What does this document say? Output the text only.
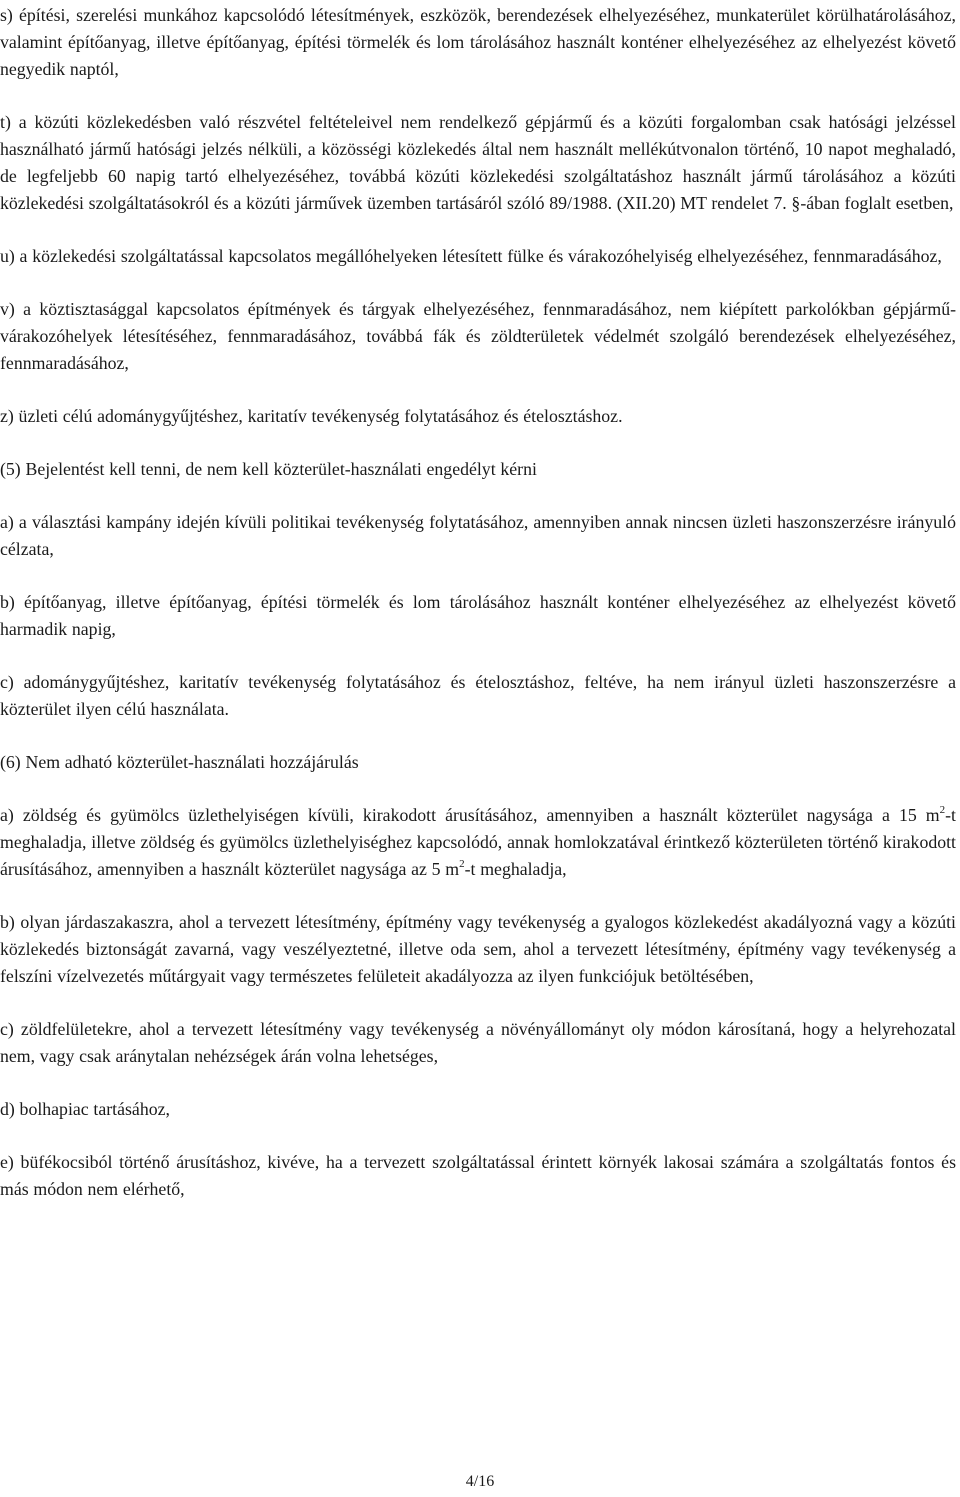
s) építési, szerelési munkához kapcsolódó létesítmények, eszközök, berendezések elhelyezéséhez, munkaterület körülhatárolásához, valamint építőanyag, illetve építőanyag, építési törmelék és lom tárolásához használt konténer elhelyezéséhez az elhelyezést követő negyedik naptól,

t) a közúti közlekedésben való részvétel feltételeivel nem rendelkező gépjármű és a közúti forgalomban csak hatósági jelzéssel használható jármű hatósági jelzés nélküli, a közösségi közlekedés által nem használt mellékútvonalon történő, 10 napot meghaladó, de legfeljebb 60 napig tartó elhelyezéséhez, továbbá közúti közlekedési szolgáltatáshoz használt jármű tárolásához a közúti közlekedési szolgáltatásokról és a közúti járművek üzemben tartásáról szóló 89/1988. (XII.20) MT rendelet 7. §-ában foglalt esetben,

u) a közlekedési szolgáltatással kapcsolatos megállóhelyeken létesített fülke és várakozóhelyiség elhelyezéséhez, fennmaradásához,

v) a köztisztasággal kapcsolatos építmények és tárgyak elhelyezéséhez, fennmaradásához, nem kiépített parkolókban gépjármű-várakozóhelyek létesítéséhez, fennmaradásához, továbbá fák és zöldterületek védelmét szolgáló berendezések elhelyezéséhez, fennmaradásához,

z) üzleti célú adománygyűjtéshez, karitatív tevékenység folytatásához és ételosztáshoz.

(5) Bejelentést kell tenni, de nem kell közterület-használati engedélyt kérni

a) a választási kampány idején kívüli politikai tevékenység folytatásához, amennyiben annak nincsen üzleti haszonszerzésre irányuló célzata,

b) építőanyag, illetve építőanyag, építési törmelék és lom tárolásához használt konténer elhelyezéséhez az elhelyezést követő harmadik napig,

c) adománygyűjtéshez, karitatív tevékenység folytatásához és ételosztáshoz, feltéve, ha nem irányul üzleti haszonszerzésre a közterület ilyen célú használata.

(6) Nem adható közterület-használati hozzájárulás

a) zöldség és gyümölcs üzlethelyiségen kívüli, kirakodott árusításához, amennyiben a használt közterület nagysága a 15 $m^2-t$ meghaladja, illetve zöldség és gyümölcs üzlethelyiséghez kapcsolódó, annak homlokzatával érintkező közterületen történő kirakodott árusításához, amennyiben a használt közterület nagysága az 5 $m^2-t$ meghaladja,

b) olyan járdaszakaszra, ahol a tervezett létesítmény, építmény vagy tevékenység a gyalogos közlekedést akadályozná vagy a közúti közlekedés biztonságát zavarná, vagy veszélyeztetné, illetve oda sem, ahol a tervezett létesítmény, építmény vagy tevékenység a felszíni vízelvezetés műtárgyait vagy természetes felületeit akadályozza az ilyen funkciójuk betöltésében,

c) zöldfelületekre, ahol a tervezett létesítmény vagy tevékenység a növényállományt oly módon károsítaná, hogy a helyrehozatal nem, vagy csak aránytalan nehézségek árán volna lehetséges,

d) bolhapiac tartásához,

e) büfékocsiból történő árusításhoz, kivéve, ha a tervezett szolgáltatással érintett környék lakosai számára a szolgáltatás fontos és más módon nem elérhető,

4/16
